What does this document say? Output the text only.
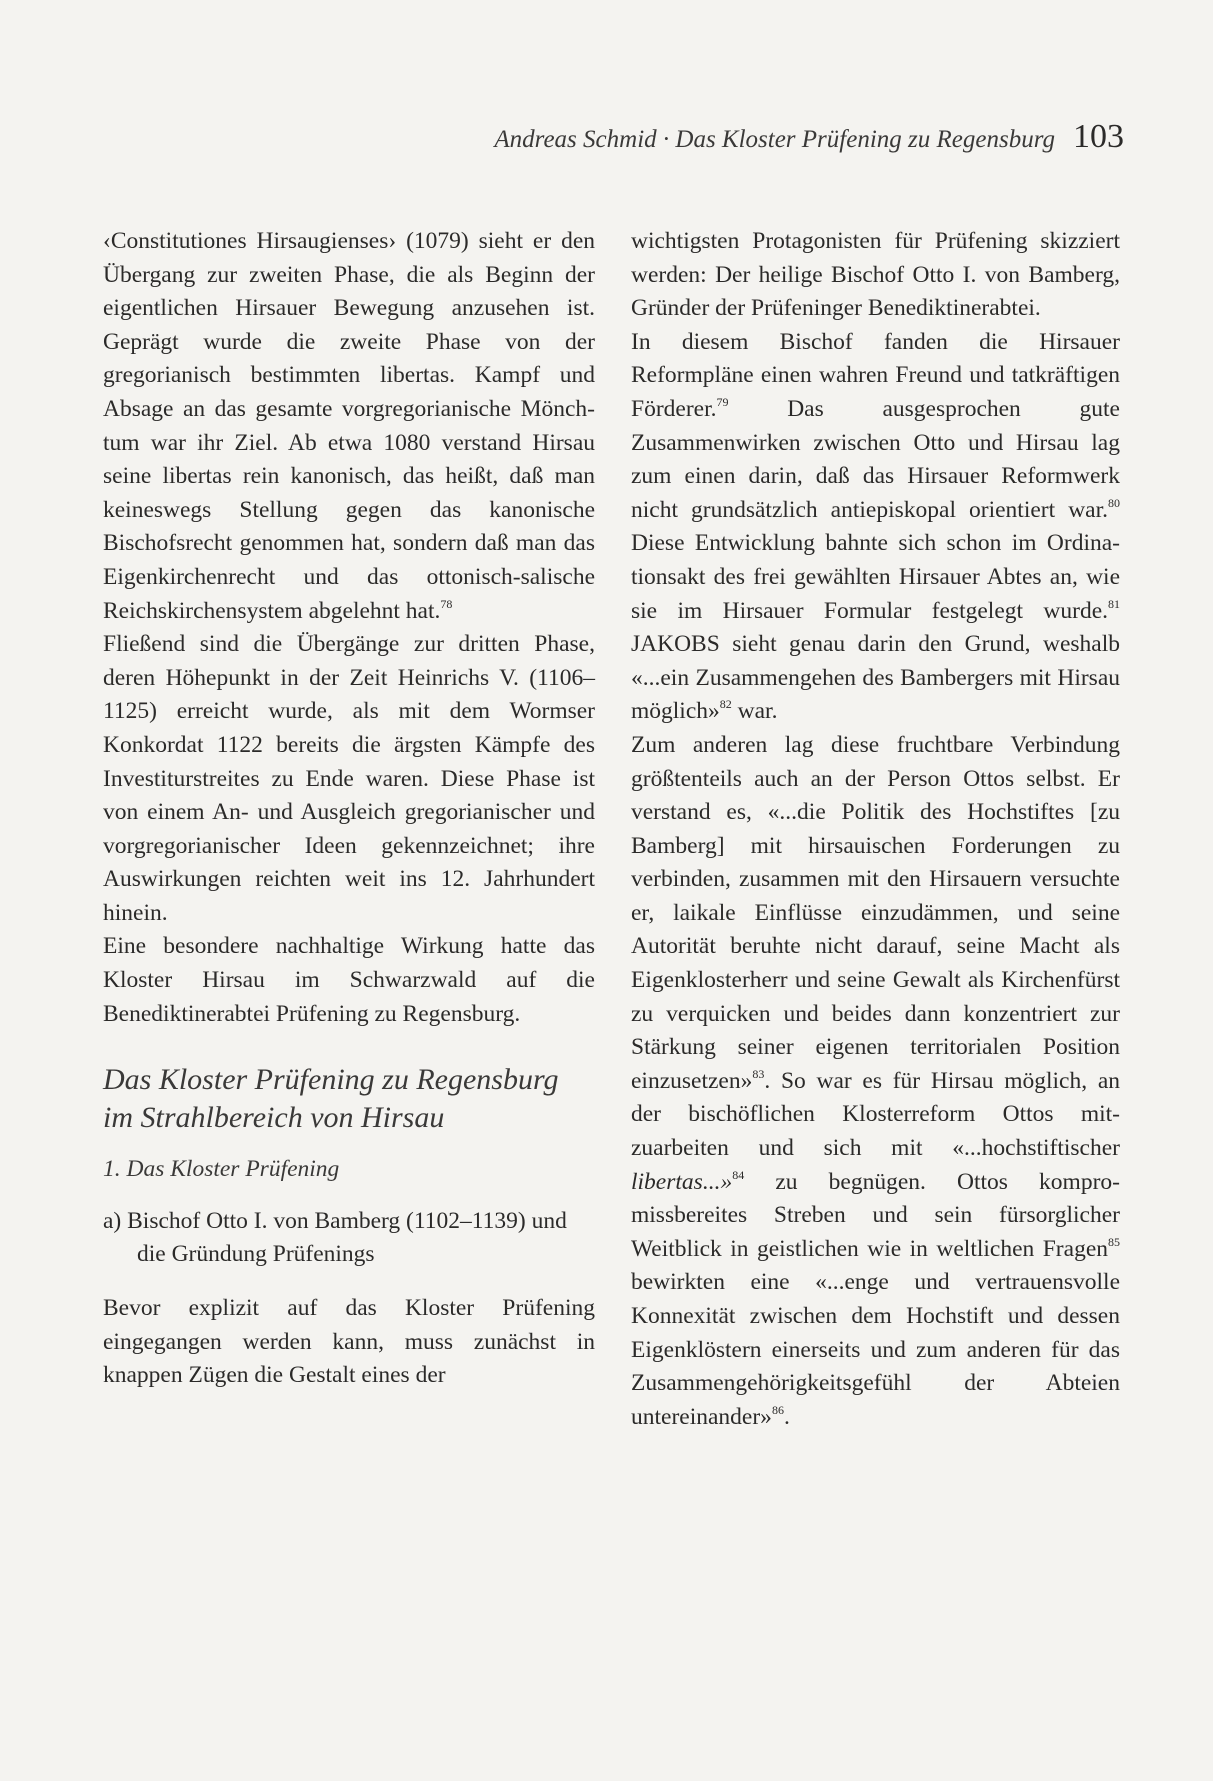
Andreas Schmid · Das Kloster Prüfening zu Regensburg 103

‹Constitutiones Hirsaugienses› (1079) sieht er den Übergang zur zweiten Phase, die als Beginn der eigentlichen Hirsauer Bewegung anzusehen ist. Geprägt wurde die zweite Phase von der gregorianisch bestimmten libertas. Kampf und Absage an das gesamte vorgregorianische Mönchtum war ihr Ziel. Ab etwa 1080 verstand Hirsau seine libertas rein kanonisch, das heißt, daß man keineswegs Stellung gegen das kanonische Bischofsrecht genommen hat, sondern daß man das Eigenkirchenrecht und das ottonisch-salische Reichskirchensystem abgelehnt hat.$^{78}$

Fließend sind die Übergänge zur dritten Phase, deren Höhepunkt in der Zeit Heinrichs V. (1106–1125) erreicht wurde, als mit dem Wormser Konkordat 1122 bereits die ärgsten Kämpfe des Investiturstreites zu Ende waren. Diese Phase ist von einem An- und Ausgleich gregorianischer und vorgregorianischer Ideen gekennzeichnet; ihre Auswirkungen reichten weit ins 12. Jahrhundert hinein.

Eine besondere nachhaltige Wirkung hatte das Kloster Hirsau im Schwarzwald auf die Benediktinerabtei Prüfening zu Regensburg.

Das Kloster Prüfening zu Regensburg im Strahlbereich von Hirsau
1. Das Kloster Prüfening
a) Bischof Otto I. von Bamberg (1102–1139) und die Gründung Prüfenings

Bevor explizit auf das Kloster Prüfening eingegangen werden kann, muss zunächst in knappen Zügen die Gestalt eines der

wichtigsten Protagonisten für Prüfening skizziert werden: Der heilige Bischof Otto I. von Bamberg, Gründer der Prüfeninger Benediktinerabtei.

In diesem Bischof fanden die Hirsauer Reformpläne einen wahren Freund und tatkräftigen Förderer.$^{79}$ Das ausgesprochen gute Zusammenwirken zwischen Otto und Hirsau lag zum einen darin, daß das Hirsauer Reformwerk nicht grundsätzlich antiepiskopal orientiert war.$^{80}$ Diese Entwicklung bahnte sich schon im Ordinationsakt des frei gewählten Hirsauer Abtes an, wie sie im Hirsauer Formular festgelegt wurde.$^{81}$ JAKOBS sieht genau darin den Grund, weshalb «...ein Zusammengehen des Bambergers mit Hirsau möglich»$^{82}$ war.

Zum anderen lag diese fruchtbare Verbindung größtenteils auch an der Person Ottos selbst. Er verstand es, «...die Politik des Hochstiftes [zu Bamberg] mit hirsauischen Forderungen zu verbinden, zusammen mit den Hirsauern versuchte er, laikale Einflüsse einzudämmen, und seine Autorität beruhte nicht darauf, seine Macht als Eigenklosterherr und seine Gewalt als Kirchenfürst zu verquicken und beides dann konzentriert zur Stärkung seiner eigenen territorialen Position einzusetzen»$^{83}$. So war es für Hirsau möglich, an der bischöflichen Klosterreform Ottos mitzuarbeiten und sich mit «...hochstiftischer libertas...»$^{84}$ zu begnügen. Ottos kompromissbereites Streben und sein fürsorglicher Weitblick in geistlichen wie in weltlichen Fragen$^{85}$ bewirkten eine «...enge und vertrauensvolle Konnexität zwischen dem Hochstift und dessen Eigenklöstern einerseits und zum anderen für das Zusammengehörigkeitsgefühl der Abteien untereinander»$^{86}$.
